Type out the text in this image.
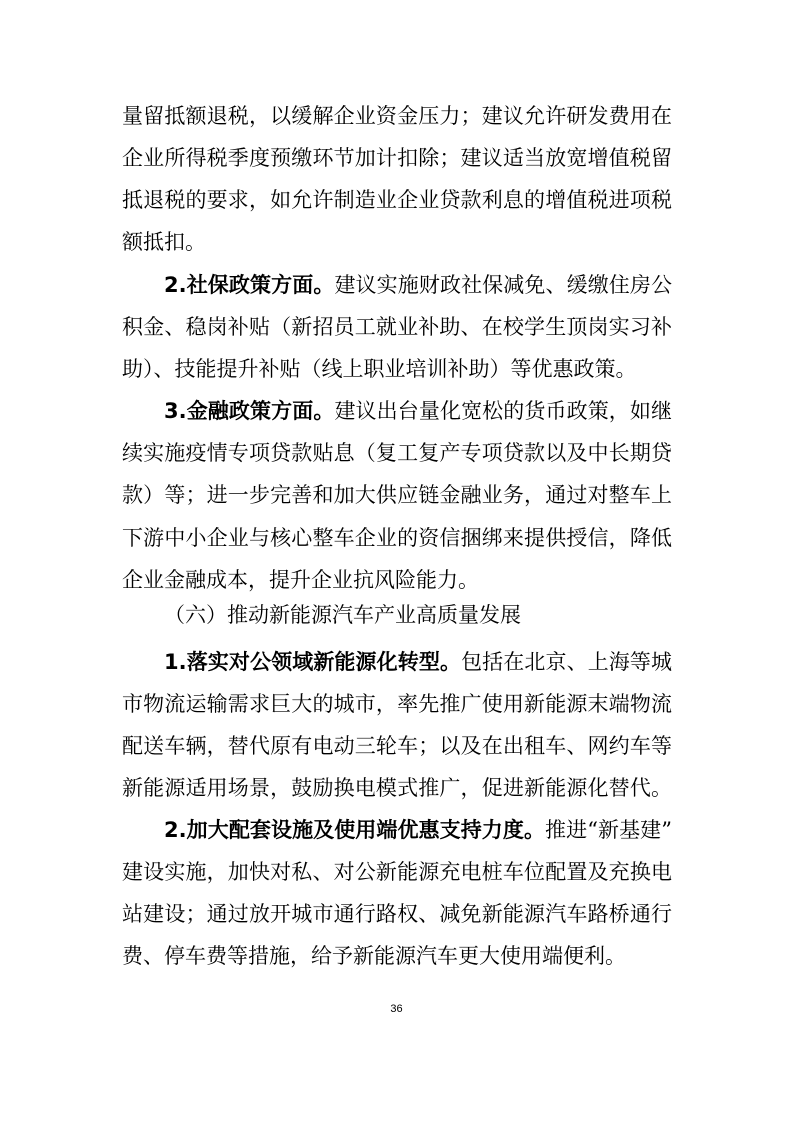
量留抵额退税，以缓解企业资金压力；建议允许研发费用在
企业所得税季度预缴环节加计扣除；建议适当放宽增值税留
抵退税的要求，如允许制造业企业贷款利息的增值税进项税
额抵扣。
2.社保政策方面。建议实施财政社保减免、缓缴住房公
积金、稳岗补贴（新招员工就业补助、在校学生顶岗实习补
助）、技能提升补贴（线上职业培训补助）等优惠政策。
3.金融政策方面。建议出台量化宽松的货币政策，如继
续实施疫情专项贷款贴息（复工复产专项贷款以及中长期贷
款）等；进一步完善和加大供应链金融业务，通过对整车上
下游中小企业与核心整车企业的资信捆绑来提供授信，降低
企业金融成本，提升企业抗风险能力。
（六）推动新能源汽车产业高质量发展
1.落实对公领域新能源化转型。包括在北京、上海等城
市物流运输需求巨大的城市，率先推广使用新能源末端物流
配送车辆，替代原有电动三轮车；以及在出租车、网约车等
新能源适用场景，鼓励换电模式推广，促进新能源化替代。
2.加大配套设施及使用端优惠支持力度。推进“新基建”
建设实施，加快对私、对公新能源充电桩车位配置及充换电
站建设；通过放开城市通行路权、减免新能源汽车路桥通行
费、停车费等措施，给予新能源汽车更大使用端便利。
36
